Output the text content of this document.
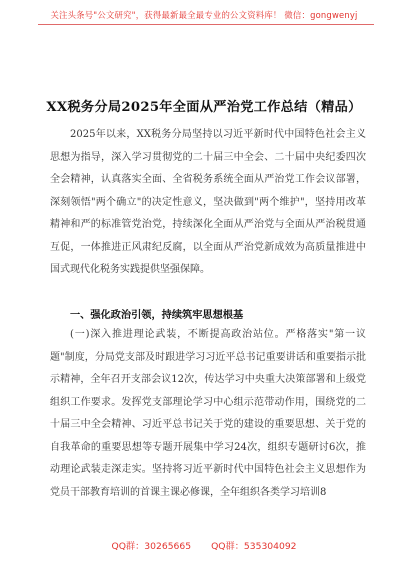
关注头条号"公文研究"，获得最新最全最专业的公文资料库！ 微信：gongwenyj
XX税务分局2025年全面从严治党工作总结（精品）
2025年以来，XX税务分局坚持以习近平新时代中国特色社会主义思想为指导，深入学习贯彻党的二十届三中全会、二十届中央纪委四次全会精神，认真落实全面、全省税务系统全面从严治党工作会议部署，深刻领悟"两个确立"的决定性意义，坚决做到"两个维护"，坚持用改革精神和严的标准管党治党，持续深化全面从严治党与全面从严治税贯通互促，一体推进正风肃纪反腐，以全面从严治党新成效为高质量推进中国式现代化税务实践提供坚强保障。
一、强化政治引领，持续筑牢思想根基
(一)深入推进理论武装，不断提高政治站位。严格落实"第一议题"制度，分局党支部及时跟进学习习近平总书记重要讲话和重要指示批示精神，全年召开支部会议12次，传达学习中央重大决策部署和上级党组织工作要求。发挥党支部理论学习中心组示范带动作用，围绕党的二十届三中全会精神、习近平总书记关于党的建设的重要思想、关于党的自我革命的重要思想等专题开展集中学习24次，组织专题研讨6次，推动理论武装走深走实。坚持将习近平新时代中国特色社会主义思想作为党员干部教育培训的首课主课必修课，全年组织各类学习培训8
QQ群：30265665 QQ群：535304092
